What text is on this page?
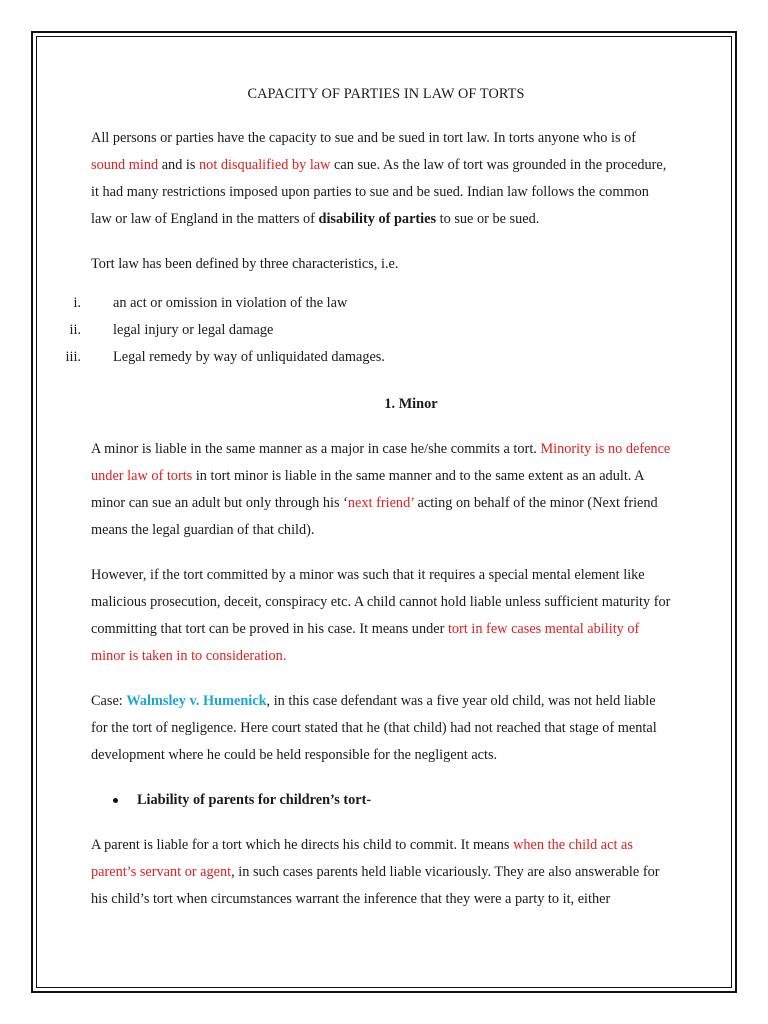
CAPACITY OF PARTIES IN LAW OF TORTS

All persons or parties have the capacity to sue and be sued in tort law. In torts anyone who is of sound mind and is not disqualified by law can sue. As the law of tort was grounded in the procedure, it had many restrictions imposed upon parties to sue and be sued. Indian law follows the common law or law of England in the matters of disability of parties to sue or be sued.

Tort law has been defined by three characteristics, i.e.

i. an act or omission in violation of the law
ii. legal injury or legal damage
iii. Legal remedy by way of unliquidated damages.
1. Minor

A minor is liable in the same manner as a major in case he/she commits a tort. Minority is no defence under law of torts in tort minor is liable in the same manner and to the same extent as an adult. A minor can sue an adult but only through his ‘next friend’ acting on behalf of the minor (Next friend means the legal guardian of that child).

However, if the tort committed by a minor was such that it requires a special mental element like malicious prosecution, deceit, conspiracy etc. A child cannot hold liable unless sufficient maturity for committing that tort can be proved in his case. It means under tort in few cases mental ability of minor is taken in to consideration.

Case: Walmsley v. Humenick, in this case defendant was a five year old child, was not held liable for the tort of negligence. Here court stated that he (that child) had not reached that stage of mental development where he could be held responsible for the negligent acts.

Liability of parents for children’s tort-

A parent is liable for a tort which he directs his child to commit. It means when the child act as parent’s servant or agent, in such cases parents held liable vicariously. They are also answerable for his child’s tort when circumstances warrant the inference that they were a party to it, either
